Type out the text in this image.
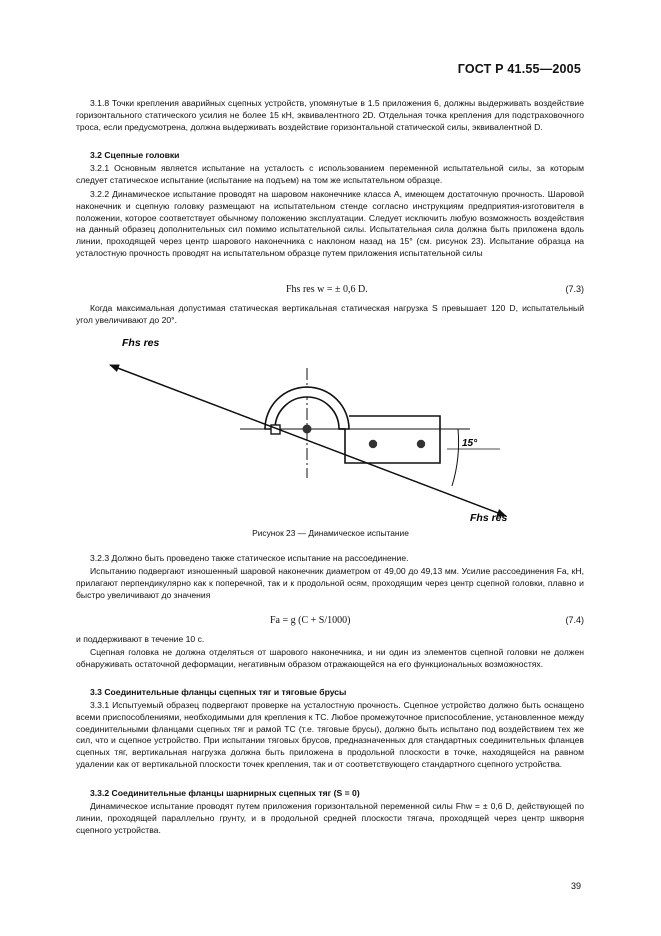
ГОСТ Р 41.55—2005
3.1.8 Точки крепления аварийных сцепных устройств, упомянутые в 1.5 приложения 6, должны выдерживать воздействие горизонтального статического усилия не более 15 кН, эквивалентного 2D. Отдельная точка крепления для подстраховочного троса, если предусмотрена, должна выдерживать воздействие горизонтальной статической силы, эквивалентной D.
3.2 Сцепные головки
3.2.1 Основным является испытание на усталость с использованием переменной испытательной силы, за которым следует статическое испытание (испытание на подъем) на том же испытательном образце.
3.2.2 Динамическое испытание проводят на шаровом наконечнике класса А, имеющем достаточную прочность. Шаровой наконечник и сцепную головку размещают на испытательном стенде согласно инструкциям предприятия-изготовителя в положении, которое соответствует обычному положению эксплуатации. Следует исключить любую возможность воздействия на данный образец дополнительных сил помимо испытательной силы. Испытательная сила должна быть приложена вдоль линии, проходящей через центр шарового наконечника с наклоном назад на 15° (см. рисунок 23). Испытание образца на усталостную прочность проводят на испытательном образце путем приложения испытательной силы
Fhs res w = ± 0,6 D.	(7.3)
Когда максимальная допустимая статическая вертикальная статическая нагрузка S превышает 120 D, испытательный угол увеличивают до 20°.
15°
Fhs res
Fhs res
Рисунок 23 — Динамическое испытание
3.2.3 Должно быть проведено также статическое испытание на рассоединение.
Испытанию подвергают изношенный шаровой наконечник диаметром от 49,00 до 49,13 мм. Усилие рассоединения Fa, кН, прилагают перпендикулярно как к поперечной, так и к продольной осям, проходящим через центр сцепной головки, плавно и быстро увеличивают до значения
Fa = g (C + S/1000)	(7.4)
и поддерживают в течение 10 с.
Сцепная головка не должна отделяться от шарового наконечника, и ни один из элементов сцепной головки не должен обнаруживать остаточной деформации, негативным образом отражающейся на его функциональных возможностях.
3.3 Соединительные фланцы сцепных тяг и тяговые брусы
3.3.1 Испытуемый образец подвергают проверке на усталостную прочность. Сцепное устройство должно быть оснащено всеми приспособлениями, необходимыми для крепления к ТС. Любое промежуточное приспособление, установленное между соединительными фланцами сцепных тяг и рамой ТС (т.е. тяговые брусы), должно быть испытано под воздействием тех же сил, что и сцепное устройство. При испытании тяговых брусов, предназначенных для стандартных соединительных фланцев сцепных тяг, вертикальная нагрузка должна быть приложена в продольной плоскости в точке, находящейся на равном удалении как от вертикальной плоскости точек крепления, так и от соответствующего стандартного сцепного устройства.
3.3.2 Соединительные фланцы шарнирных сцепных тяг (S = 0)
Динамическое испытание проводят путем приложения горизонтальной переменной силы Fhw = ± 0,6 D, действующей по линии, проходящей параллельно грунту, и в продольной средней плоскости тягача, проходящей через центр шкворня сцепного устройства.
39
